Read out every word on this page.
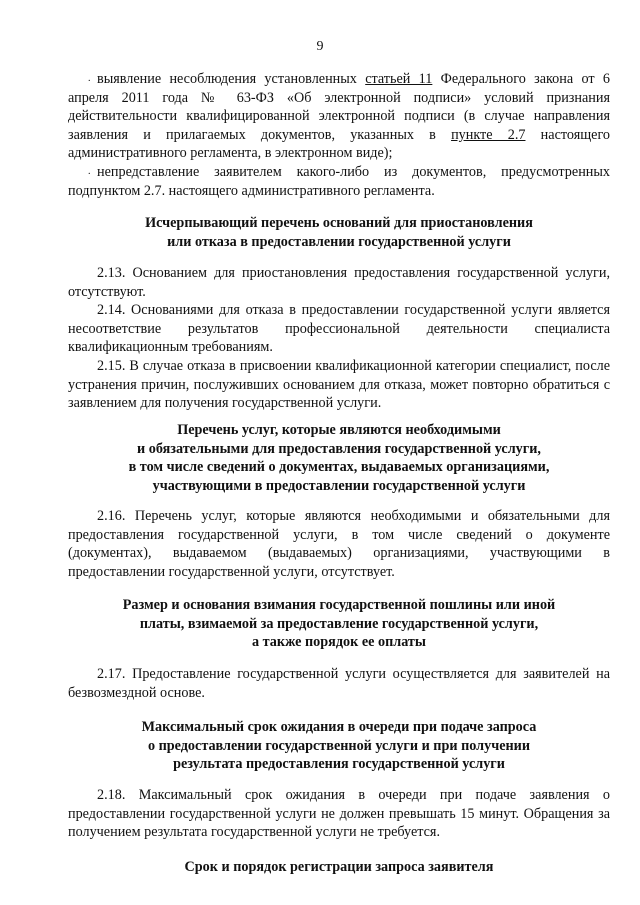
9

. выявление несоблюдения установленных статьей 11 Федерального закона от 6 апреля 2011 года № 63-ФЗ «Об электронной подписи» условий признания действительности квалифицированной электронной подписи (в случае направления заявления и прилагаемых документов, указанных в пункте 2.7 настоящего административного регламента, в электронном виде);

. непредставление заявителем какого-либо из документов, предусмотренных подпунктом 2.7. настоящего административного регламента.

Исчерпывающий перечень оснований для приостановления

или отказа в предоставлении государственной услуги

2.13. Основанием для приостановления предоставления государственной услуги, отсутствуют.

2.14. Основаниями для отказа в предоставлении государственной услуги является несоответствие результатов профессиональной деятельности специалиста квалификационным требованиям.

2.15. В случае отказа в присвоении квалификационной категории специалист, после устранения причин, послуживших основанием для отказа, может повторно обратиться с заявлением для получения государственной услуги.

Перечень услуг, которые являются необходимыми

и обязательными для предоставления государственной услуги,

в том числе сведений о документах, выдаваемых организациями,

участвующими в предоставлении государственной услуги

2.16. Перечень услуг, которые являются необходимыми и обязательными для предоставления государственной услуги, в том числе сведений о документе (документах), выдаваемом (выдаваемых) организациями, участвующими в предоставлении государственной услуги, отсутствует.

Размер и основания взимания государственной пошлины или иной

платы, взимаемой за предоставление государственной услуги,

а также порядок ее оплаты

2.17. Предоставление государственной услуги осуществляется для заявителей на безвозмездной основе.

Максимальный срок ожидания в очереди при подаче запроса

о предоставлении государственной услуги и при получении

результата предоставления государственной услуги

2.18. Максимальный срок ожидания в очереди при подаче заявления о предоставлении государственной услуги не должен превышать 15 минут. Обращения за получением результата государственной услуги не требуется.

Срок и порядок регистрации запроса заявителя
